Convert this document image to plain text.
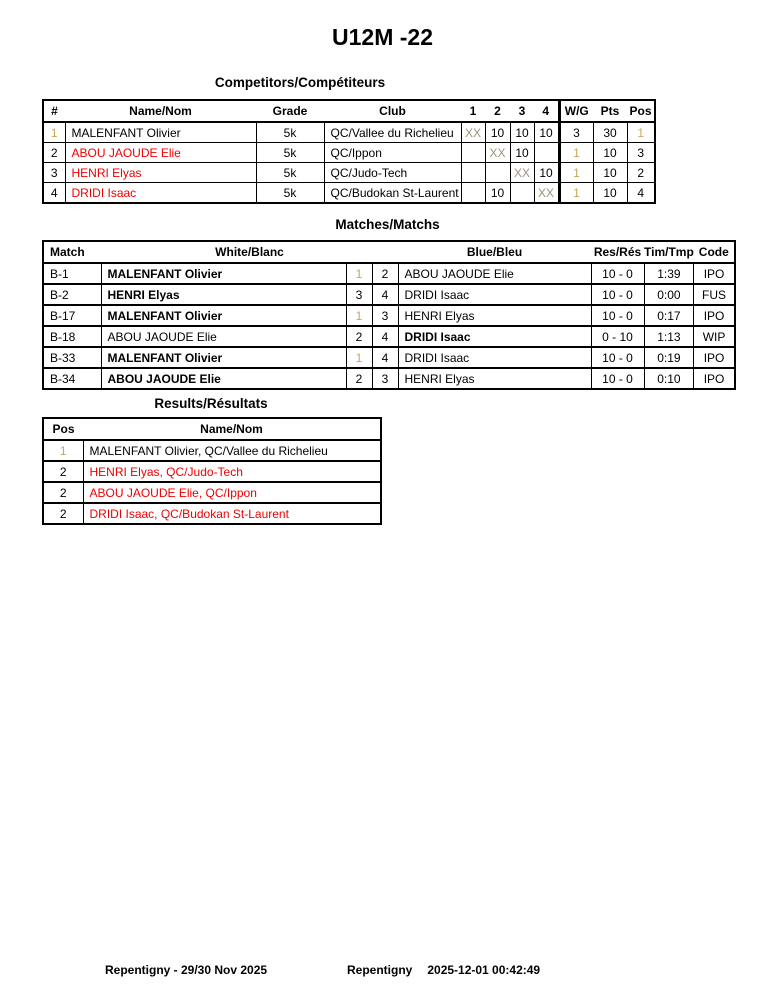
U12M -22
Competitors/Compétiteurs
#	Name/Nom	Grade	Club	1	2	3	4	W/G	Pts	Pos
1	MALENFANT Olivier	5k	QC/Vallee du Richelieu	XX	10	10	10	3	30	1
2	ABOU JAOUDE Elie	5k	QC/Ippon		XX	10		1	10	3
3	HENRI Elyas	5k	QC/Judo-Tech			XX	10	1	10	2
4	DRIDI Isaac	5k	QC/Budokan St-Laurent		10		XX	1	10	4
Matches/Matchs
Match	White/Blanc			Blue/Bleu	Res/Rés	Tim/Tmp	Code
B-1	MALENFANT Olivier	1	2	ABOU JAOUDE Elie	10 - 0	1:39	IPO
B-2	HENRI Elyas	3	4	DRIDI Isaac	10 - 0	0:00	FUS
B-17	MALENFANT Olivier	1	3	HENRI Elyas	10 - 0	0:17	IPO
B-18	ABOU JAOUDE Elie	2	4	DRIDI Isaac	0 - 10	1:13	WIP
B-33	MALENFANT Olivier	1	4	DRIDI Isaac	10 - 0	0:19	IPO
B-34	ABOU JAOUDE Elie	2	3	HENRI Elyas	10 - 0	0:10	IPO
Results/Résultats
Pos	Name/Nom
1	MALENFANT Olivier, QC/Vallee du Richelieu
2	HENRI Elyas, QC/Judo-Tech
2	ABOU JAOUDE Elie, QC/Ippon
2	DRIDI Isaac, QC/Budokan St-Laurent
Repentigny - 29/30 Nov 2025	Repentigny 2025-12-01 00:42:49
